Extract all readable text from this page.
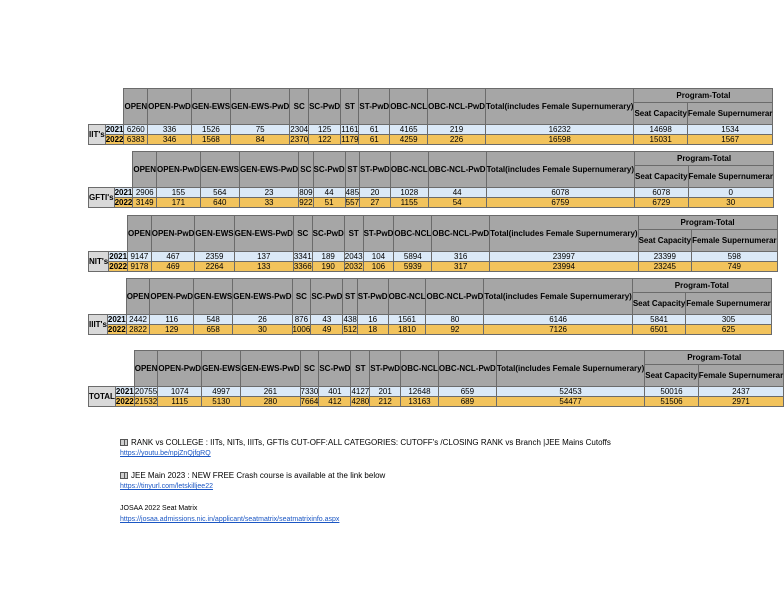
		OPEN	OPEN-PwD	GEN-EWS	GEN-EWS-PwD	SC	SC-PwD	ST	ST-PwD	OBC-NCL	OBC-NCL-PwD	Total(includes Female Supernumerary)	Program-Total	
													Seat Capacity	Female Supernumerar
IIT's	2021	6260	336	1526	75	2304	125	1161	61	4165	219	16232	14698	1534
	2022	6383	346	1568	84	2370	122	1179	61	4259	226	16598	15031	1567
		OPEN	OPEN-PwD	GEN-EWS	GEN-EWS-PwD	SC	SC-PwD	ST	ST-PwD	OBC-NCL	OBC-NCL-PwD	Total(includes Female Supernumerary)	Program-Total	
													Seat Capacity	Female Supernumerar
GFTI's	2021	2906	155	564	23	809	44	485	20	1028	44	6078	6078	0
	2022	3149	171	640	33	922	51	557	27	1155	54	6759	6729	30
		OPEN	OPEN-PwD	GEN-EWS	GEN-EWS-PwD	SC	SC-PwD	ST	ST-PwD	OBC-NCL	OBC-NCL-PwD	Total(includes Female Supernumerary)	Program-Total	
													Seat Capacity	Female Supernumerar
NIT's	2021	9147	467	2359	137	3341	189	2043	104	5894	316	23997	23399	598
	2022	9178	469	2264	133	3366	190	2032	106	5939	317	23994	23245	749
		OPEN	OPEN-PwD	GEN-EWS	GEN-EWS-PwD	SC	SC-PwD	ST	ST-PwD	OBC-NCL	OBC-NCL-PwD	Total(includes Female Supernumerary)	Program-Total	
													Seat Capacity	Female Supernumerar
IIIT's	2021	2442	116	548	26	876	43	438	16	1561	80	6146	5841	305
	2022	2822	129	658	30	1006	49	512	18	1810	92	7126	6501	625
		OPEN	OPEN-PwD	GEN-EWS	GEN-EWS-PwD	SC	SC-PwD	ST	ST-PwD	OBC-NCL	OBC-NCL-PwD	Total(includes Female Supernumerary)	Program-Total	
													Seat Capacity	Female Supernumerar
TOTAL	2021	20755	1074	4997	261	7330	401	4127	201	12648	659	52453	50016	2437
	2022	21532	1115	5130	280	7664	412	4280	212	13163	689	54477	51506	2971
RANK vs COLLEGE : IITs, NITs, IIITs, GFTIs CUT-OFF:ALL CATEGORIES: CUTOFF's /CLOSING RANK vs Branch |JEE Mains Cutoffs
https://youtu.be/npjZnQjfgRQ
JEE Main 2023 : NEW FREE Crash course is available at the link below
https://tinyurl.com/letskilljee22
JOSAA 2022 Seat Matrix
https://josaa.admissions.nic.in/applicant/seatmatrix/seatmatrixinfo.aspx
